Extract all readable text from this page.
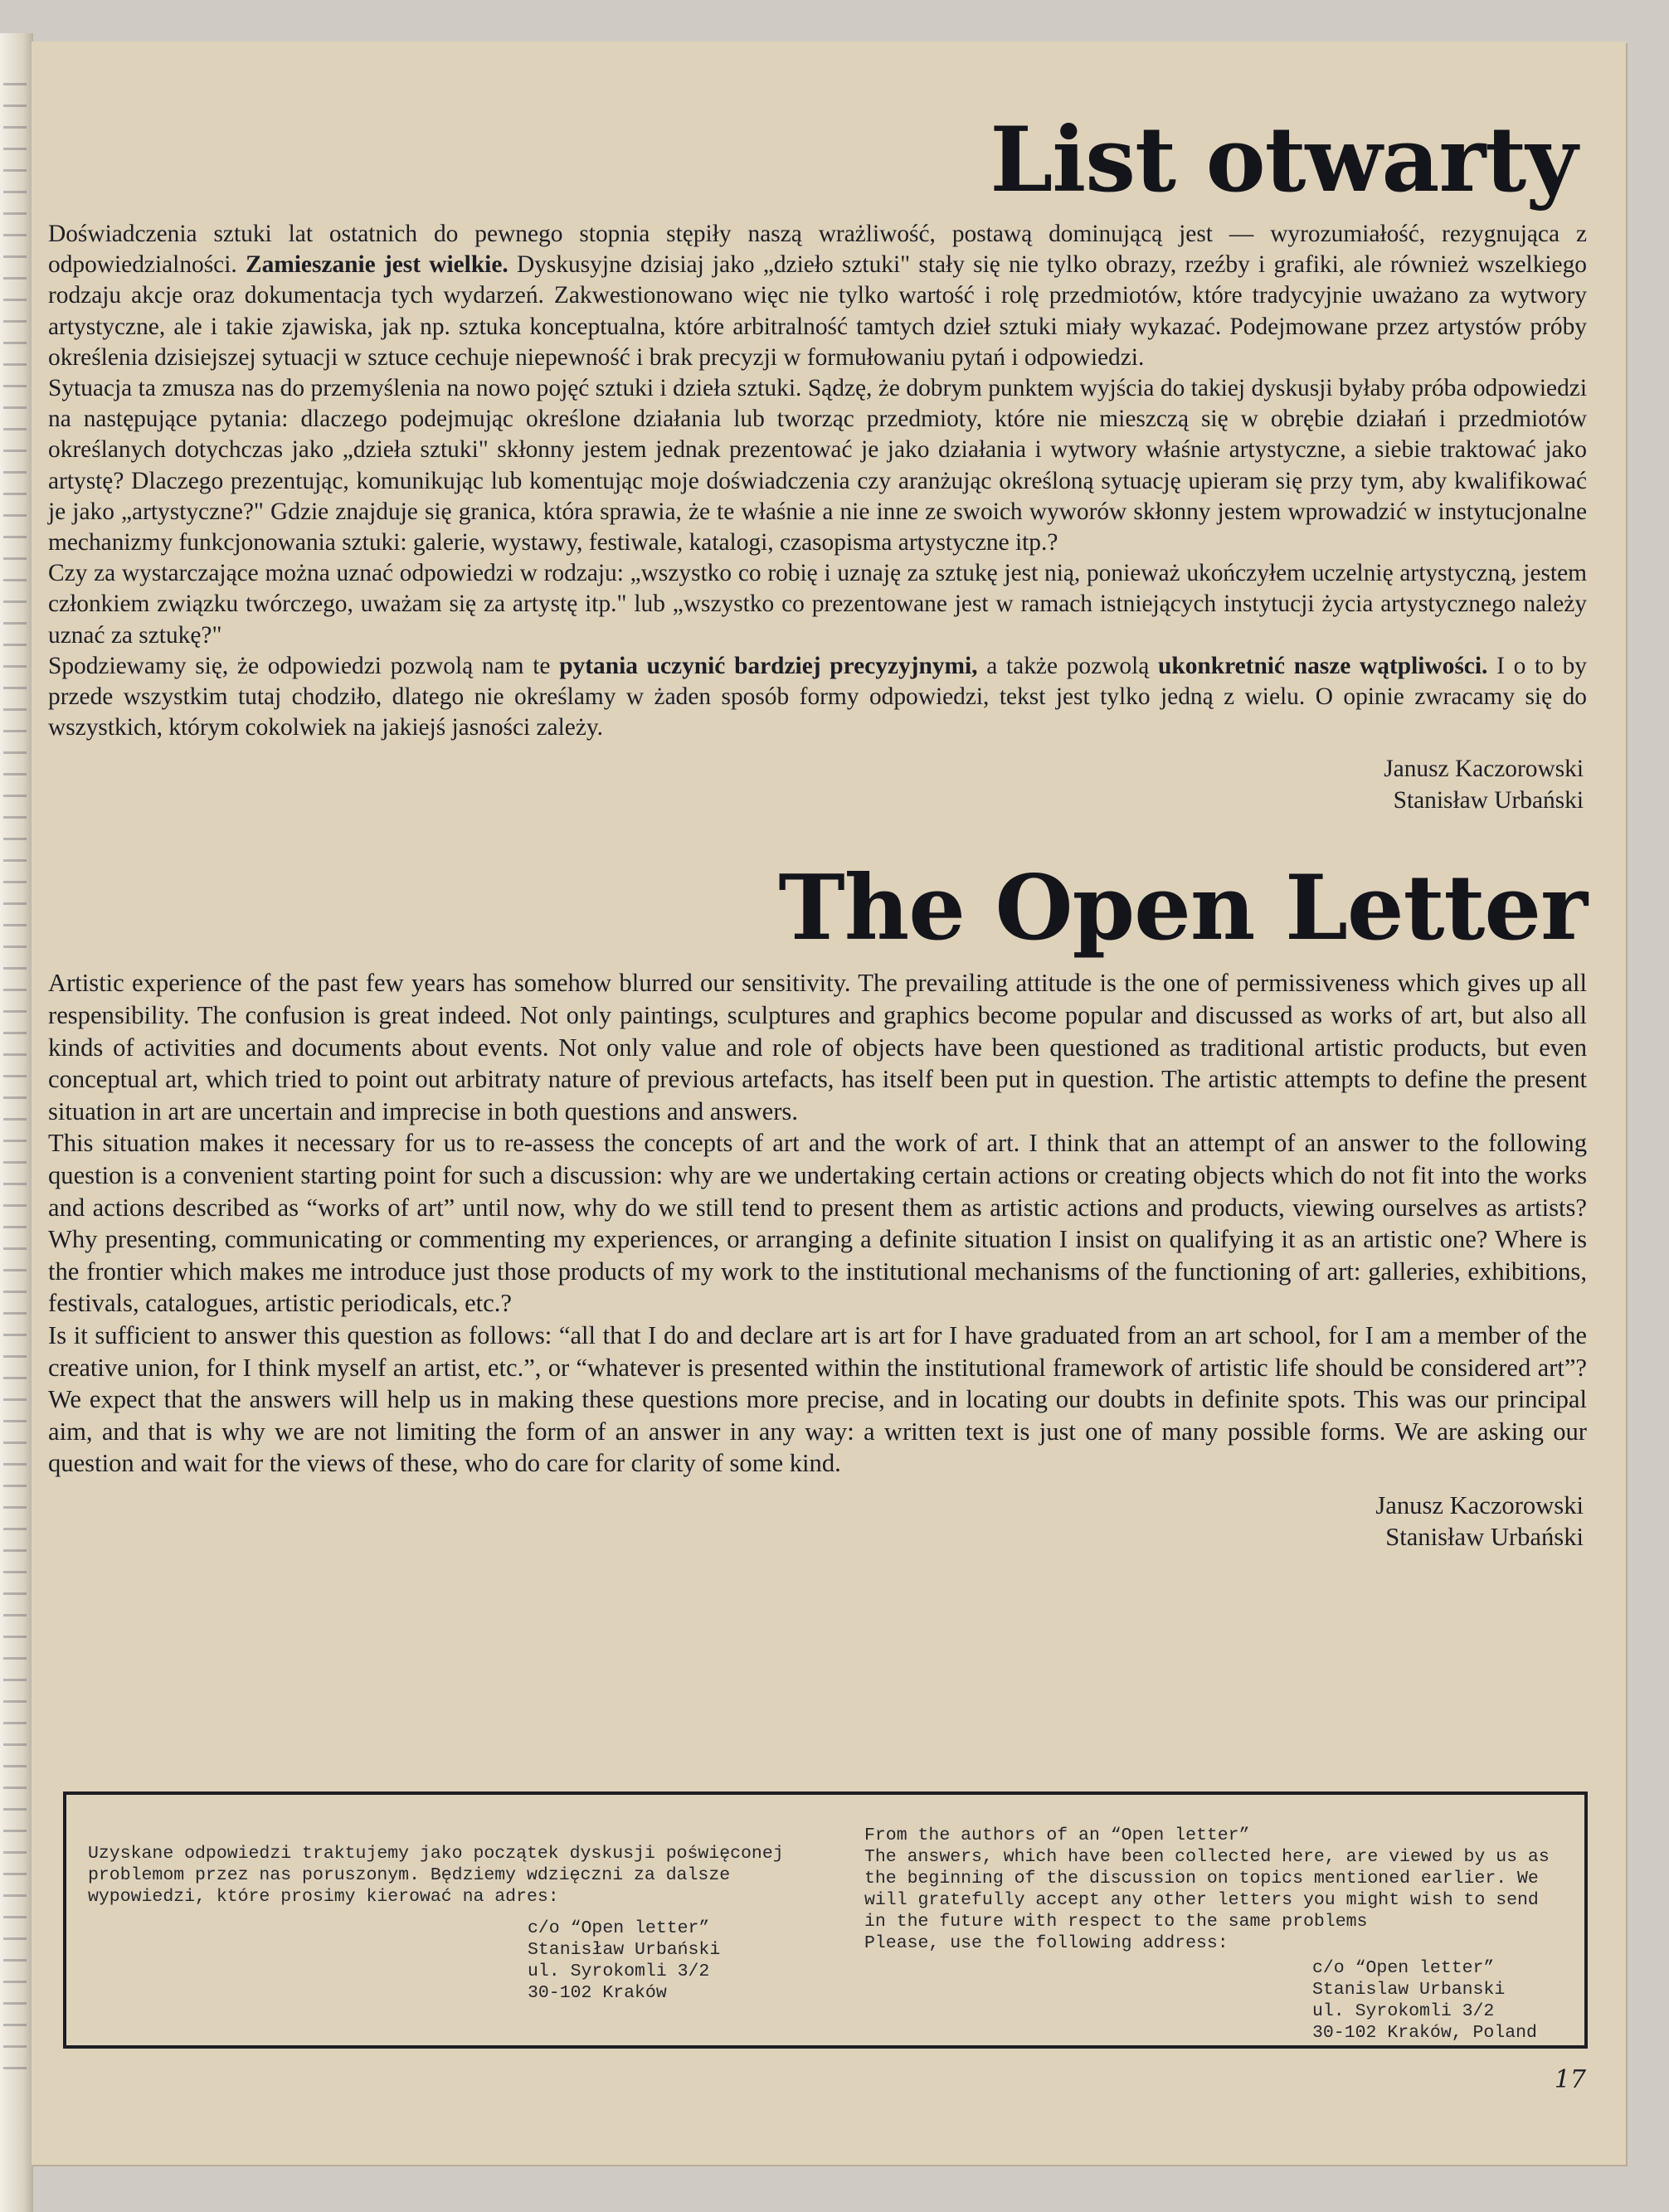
List otwarty

Doświadczenia sztuki lat ostatnich do pewnego stopnia stępiły naszą wrażliwość, postawą dominującą jest — wyrozumiałość, rezygnująca z odpowiedzialności. Zamieszanie jest wielkie. Dyskusyjne dzisiaj jako „dzieło sztuki" stały się nie tylko obrazy, rzeźby i grafiki, ale również wszelkiego rodzaju akcje oraz dokumentacja tych wydarzeń. Zakwestionowano więc nie tylko wartość i rolę przedmiotów, które tradycyjnie uważano za wytwory artystyczne, ale i takie zjawiska, jak np. sztuka konceptualna, które arbitralność tamtych dzieł sztuki miały wykazać. Podejmowane przez artystów próby określenia dzisiejszej sytuacji w sztuce cechuje niepewność i brak precyzji w formułowaniu pytań i odpowiedzi.

Sytuacja ta zmusza nas do przemyślenia na nowo pojęć sztuki i dzieła sztuki. Sądzę, że dobrym punktem wyjścia do takiej dyskusji byłaby próba odpowiedzi na następujące pytania: dlaczego podejmując określone działania lub tworząc przedmioty, które nie mieszczą się w obrębie działań i przedmiotów określanych dotychczas jako „dzieła sztuki" skłonny jestem jednak prezentować je jako działania i wytwory właśnie artystyczne, a siebie traktować jako artystę? Dlaczego prezentując, komunikując lub komentując moje doświadczenia czy aranżując określoną sytuację upieram się przy tym, aby kwalifikować je jako „artystyczne?" Gdzie znajduje się granica, która sprawia, że te właśnie a nie inne ze swoich wyworów skłonny jestem wprowadzić w instytucjonalne mechanizmy funkcjonowania sztuki: galerie, wystawy, festiwale, katalogi, czasopisma artystyczne itp.?

Czy za wystarczające można uznać odpowiedzi w rodzaju: „wszystko co robię i uznaję za sztukę jest nią, ponieważ ukończyłem uczelnię artystyczną, jestem członkiem związku twórczego, uważam się za artystę itp." lub „wszystko co prezentowane jest w ramach istniejących instytucji życia artystycznego należy uznać za sztukę?"

Spodziewamy się, że odpowiedzi pozwolą nam te pytania uczynić bardziej precyzyjnymi, a także pozwolą ukonkretnić nasze wątpliwości. I o to by przede wszystkim tutaj chodziło, dlatego nie określamy w żaden sposób formy odpowiedzi, tekst jest tylko jedną z wielu. O opinie zwracamy się do wszystkich, którym cokolwiek na jakiejś jasności zależy.

Janusz Kaczorowski
Stanisław Urbański
The Open Letter

Artistic experience of the past few years has somehow blurred our sensitivity. The prevailing attitude is the one of permissiveness which gives up all respensibility. The confusion is great indeed. Not only paintings, sculptures and graphics become popular and discussed as works of art, but also all kinds of activities and documents about events. Not only value and role of objects have been questioned as traditional artistic products, but even conceptual art, which tried to point out arbitraty nature of previous artefacts, has itself been put in question. The artistic attempts to define the present situation in art are uncertain and imprecise in both questions and answers.

This situation makes it necessary for us to re-assess the concepts of art and the work of art. I think that an attempt of an answer to the following question is a convenient starting point for such a discussion: why are we undertaking certain actions or creating objects which do not fit into the works and actions described as “works of art” until now, why do we still tend to present them as artistic actions and products, viewing ourselves as artists? Why presenting, communicating or commenting my experiences, or arranging a definite situation I insist on qualifying it as an artistic one? Where is the frontier which makes me introduce just those products of my work to the institutional mechanisms of the functioning of art: galleries, exhibitions, festivals, catalogues, artistic periodicals, etc.?

Is it sufficient to answer this question as follows: “all that I do and declare art is art for I have graduated from an art school, for I am a member of the creative union, for I think myself an artist, etc.”, or “whatever is presented within the institutional framework of artistic life should be considered art”? We expect that the answers will help us in making these questions more precise, and in locating our doubts in definite spots. This was our principal aim, and that is why we are not limiting the form of an answer in any way: a written text is just one of many possible forms. We are asking our question and wait for the views of these, who do care for clarity of some kind.

Janusz Kaczorowski
Stanisław Urbański
Uzyskane odpowiedzi traktujemy jako początek dyskusji poświęconej problemom przez nas poruszonym. Będziemy wdzięczni za dalsze wypowiedzi, które prosimy kierować na adres:
c/o “Open letter”
Stanisław Urbański
ul. Syrokomli 3/2
30-102 Kraków
From the authors of an “Open letter”
The answers, which have been collected here, are viewed by us as the beginning of the discussion on topics mentioned earlier. We will gratefully accept any other letters you might wish to send in the future with respect to the same problems
Please, use the following address:
c/o “Open letter”
Stanislaw Urbanski
ul. Syrokomli 3/2
30-102 Kraków, Poland
17
